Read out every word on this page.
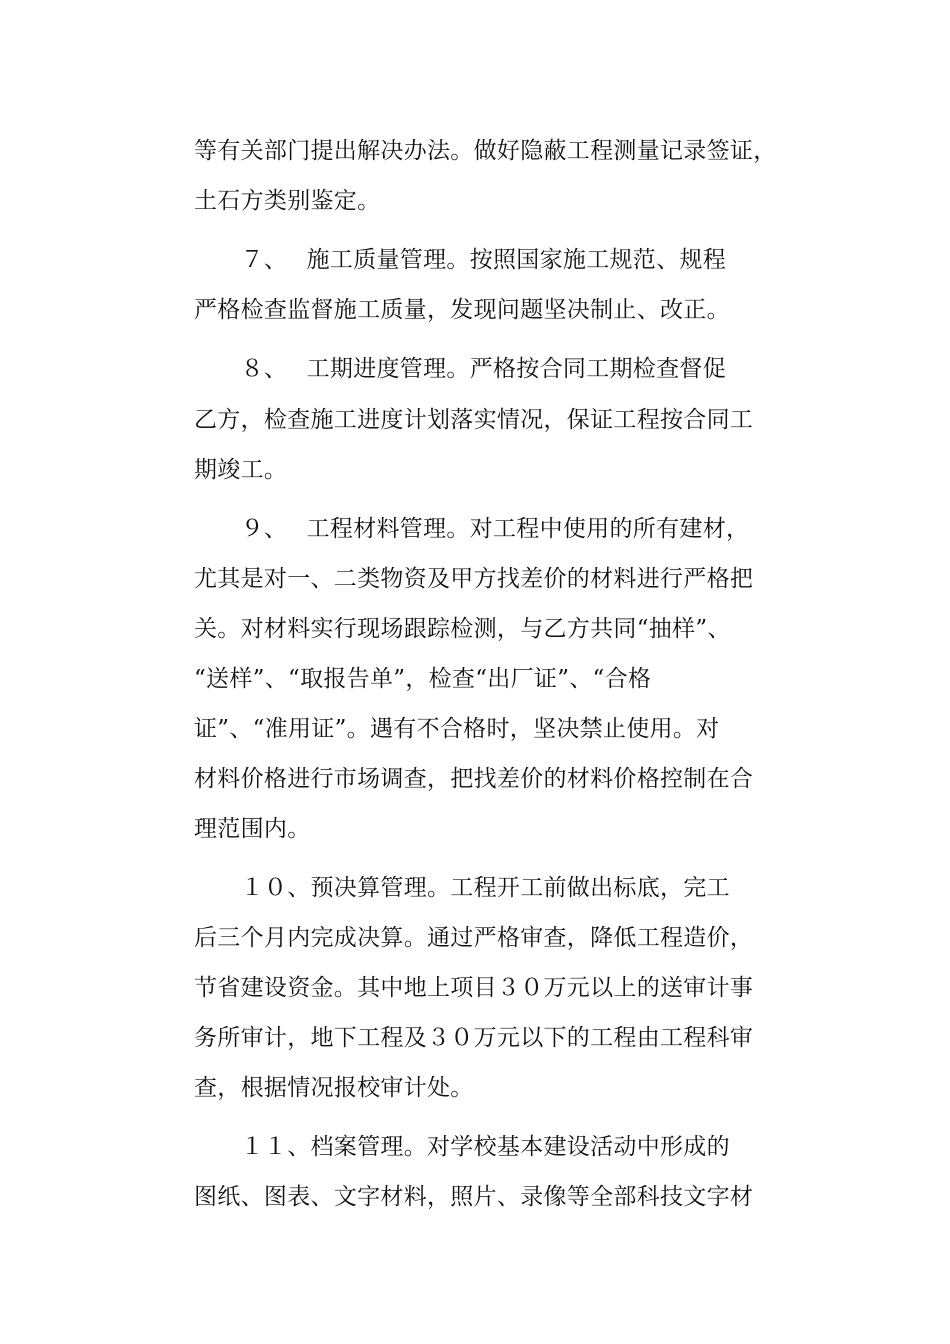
等有关部门提出解决办法。做好隐蔽工程测量记录签证，
土石方类别鉴定。
　　７、　 施工质量管理。按照国家施工规范、规程
严格检查监督施工质量，发现问题坚决制止、改正。
　　８、　 工期进度管理。严格按合同工期检查督促
乙方，检查施工进度计划落实情况，保证工程按合同工
期竣工。
　　９、　 工程材料管理。对工程中使用的所有建材，
尤其是对一、二类物资及甲方找差价的材料进行严格把
关。对材料实行现场跟踪检测，与乙方共同“抽样”、
“送样”、“取报告单”，检查“出厂证”、“合格
证”、“准用证”。遇有不合格时，坚决禁止使用。对
材料价格进行市场调查，把找差价的材料价格控制在合
理范围内。
　　１０、预决算管理。工程开工前做出标底，完工
后三个月内完成决算。通过严格审查，降低工程造价，
节省建设资金。其中地上项目３０万元以上的送审计事
务所审计，地下工程及３０万元以下的工程由工程科审
查，根据情况报校审计处。
　　１１、档案管理。对学校基本建设活动中形成的
图纸、图表、文字材料，照片、录像等全部科技文字材
